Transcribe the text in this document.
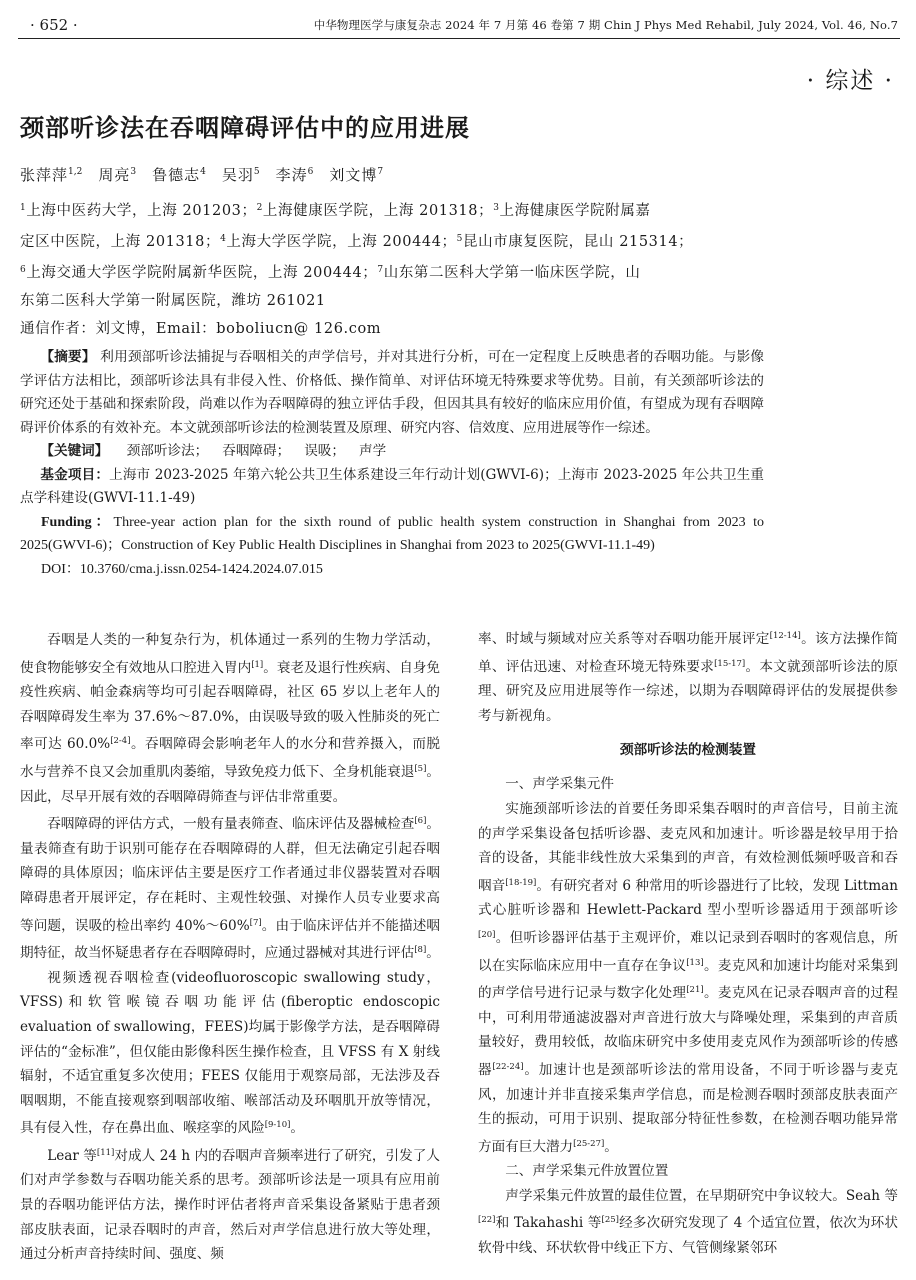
· 652 ·	中华物理医学与康复杂志 2024 年 7 月第 46 卷第 7 期 Chin J Phys Med Rehabil, July 2024, Vol. 46, No.7
· 综述 ·
颈部听诊法在吞咽障碍评估中的应用进展
张萍萍$^{1,2}$ 周亮$^3$ 鲁德志$^4$ 吴羽$^5$ 李涛$^6$ 刘文博$^7$
$^1$上海中医药大学，上海 201203；$^2$上海健康医学院，上海 201318；$^3$上海健康医学院附属嘉
定区中医院，上海 201318；$^4$上海大学医学院，上海 200444；$^5$昆山市康复医院，昆山 215314；
$^6$上海交通大学医学院附属新华医院，上海 200444；$^7$山东第二医科大学第一临床医学院，山
东第二医科大学第一附属医院，潍坊 261021
通信作者：刘文博，Email：boboliucn@ 126.com

【摘要】 利用颈部听诊法捕捉与吞咽相关的声学信号，并对其进行分析，可在一定程度上反映患者的吞咽功能。与影像学评估方法相比，颈部听诊法具有非侵入性、价格低、操作简单、对评估环境无特殊要求等优势。目前，有关颈部听诊法的研究还处于基础和探索阶段，尚难以作为吞咽障碍的独立评估手段，但因其具有较好的临床应用价值，有望成为现有吞咽障碍评价体系的有效补充。本文就颈部听诊法的检测装置及原理、研究内容、信效度、应用进展等作一综述。

【关键词】 颈部听诊法； 吞咽障碍； 误吸； 声学

基金项目：上海市 2023-2025 年第六轮公共卫生体系建设三年行动计划(GWVI-6)；上海市 2023-2025 年公共卫生重点学科建设(GWVI-11.1-49)

Funding：Three-year action plan for the sixth round of public health system construction in Shanghai from 2023 to 2025(GWVI-6)；Construction of Key Public Health Disciplines in Shanghai from 2023 to 2025(GWVI-11.1-49)

DOI：10.3760/cma.j.issn.0254-1424.2024.07.015

吞咽是人类的一种复杂行为，机体通过一系列的生物力学活动，使食物能够安全有效地从口腔进入胃内[1]。衰老及退行性疾病、自身免疫性疾病、帕金森病等均可引起吞咽障碍，社区 65 岁以上老年人的吞咽障碍发生率为 37.6%～87.0%，由误吸导致的吸入性肺炎的死亡率可达 60.0%[2-4]。吞咽障碍会影响老年人的水分和营养摄入，而脱水与营养不良又会加重肌肉萎缩，导致免疫力低下、全身机能衰退[5]。因此，尽早开展有效的吞咽障碍筛查与评估非常重要。

吞咽障碍的评估方式，一般有量表筛查、临床评估及器械检查[6]。量表筛查有助于识别可能存在吞咽障碍的人群，但无法确定引起吞咽障碍的具体原因；临床评估主要是医疗工作者通过非仪器装置对吞咽障碍患者开展评定，存在耗时、主观性较强、对操作人员专业要求高等问题，误吸的检出率约 40%～60%[7]。由于临床评估并不能描述咽期特征，故当怀疑患者存在吞咽障碍时，应通过器械对其进行评估[8]。

视频透视吞咽检查(videofluoroscopic swallowing study，VFSS)和软管喉镜吞咽功能评估(fiberoptic endoscopic evaluation of swallowing，FEES)均属于影像学方法，是吞咽障碍评估的“金标准”，但仅能由影像科医生操作检查，且 VFSS 有 X 射线辐射，不适宜重复多次使用；FEES 仅能用于观察局部，无法涉及吞咽咽期，不能直接观察到咽部收缩、喉部活动及环咽肌开放等情况，具有侵入性，存在鼻出血、喉痉挛的风险[9-10]。

Lear 等[11]对成人 24 h 内的吞咽声音频率进行了研究，引发了人们对声学参数与吞咽功能关系的思考。颈部听诊法是一项具有应用前景的吞咽功能评估方法，操作时评估者将声音采集设备紧贴于患者颈部皮肤表面，记录吞咽时的声音，然后对声学信息进行放大等处理，通过分析声音持续时间、强度、频

率、时域与频域对应关系等对吞咽功能开展评定[12-14]。该方法操作简单、评估迅速、对检查环境无特殊要求[15-17]。本文就颈部听诊法的原理、研究及应用进展等作一综述，以期为吞咽障碍评估的发展提供参考与新视角。

颈部听诊法的检测装置
一、声学采集元件

实施颈部听诊法的首要任务即采集吞咽时的声音信号，目前主流的声学采集设备包括听诊器、麦克风和加速计。听诊器是较早用于拾音的设备，其能非线性放大采集到的声音，有效检测低频呼吸音和吞咽音[18-19]。有研究者对 6 种常用的听诊器进行了比较，发现 Littman 式心脏听诊器和 Hewlett-Packard 型小型听诊器适用于颈部听诊[20]。但听诊器评估基于主观评价，难以记录到吞咽时的客观信息，所以在实际临床应用中一直存在争议[13]。麦克风和加速计均能对采集到的声学信号进行记录与数字化处理[21]。麦克风在记录吞咽声音的过程中，可利用带通滤波器对声音进行放大与降噪处理，采集到的声音质量较好，费用较低，故临床研究中多使用麦克风作为颈部听诊的传感器[22-24]。加速计也是颈部听诊法的常用设备，不同于听诊器与麦克风，加速计并非直接采集声学信息，而是检测吞咽时颈部皮肤表面产生的振动，可用于识别、提取部分特征性参数，在检测吞咽功能异常方面有巨大潜力[25-27]。

二、声学采集元件放置位置

声学采集元件放置的最佳位置，在早期研究中争议较大。Seah 等[22]和 Takahashi 等[25]经多次研究发现了 4 个适宜位置，依次为环状软骨中线、环状软骨中线正下方、气管侧缘紧邻环
